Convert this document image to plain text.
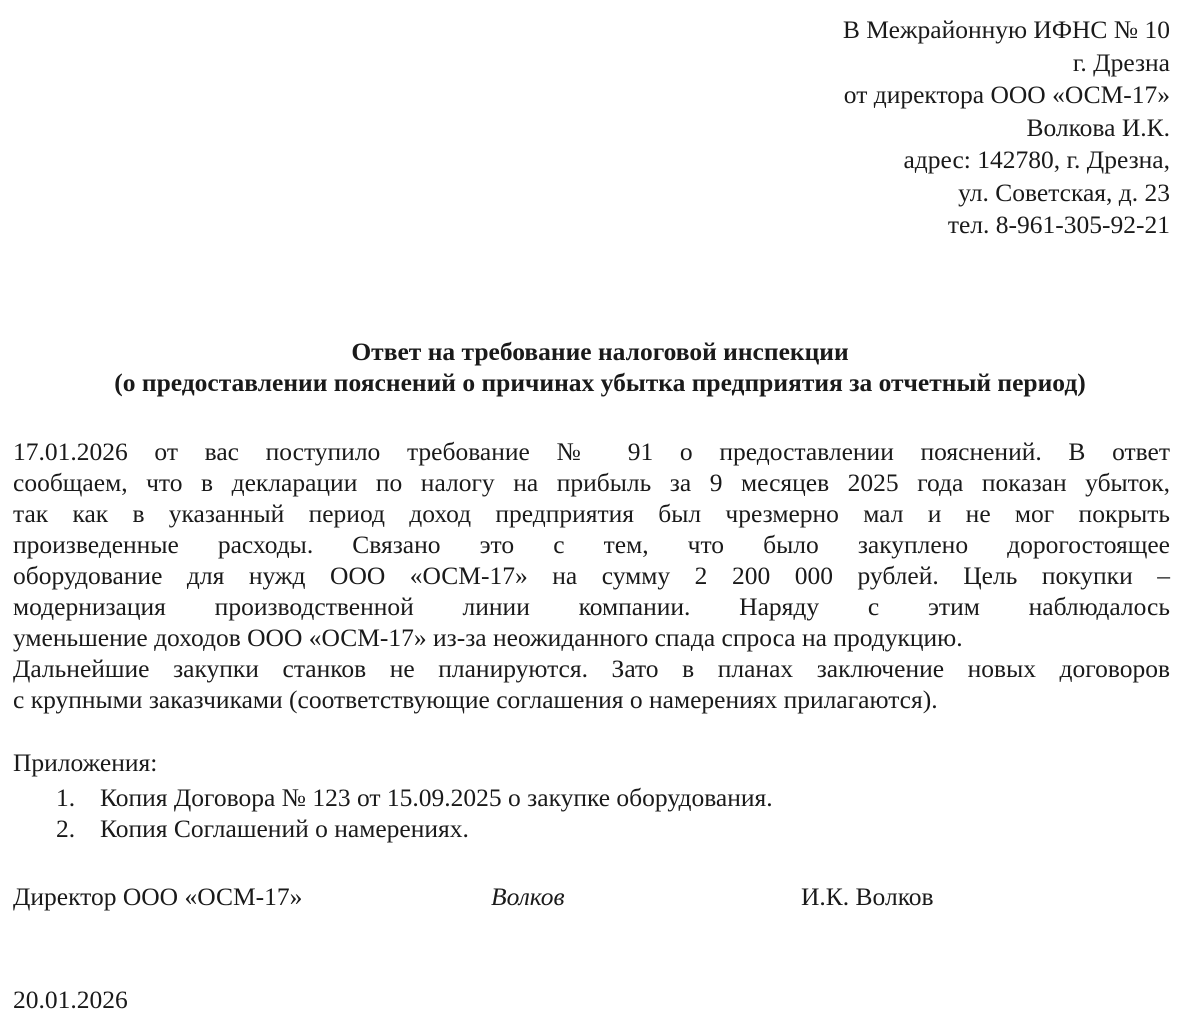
В Межрайонную ИФНС № 10
г. Дрезна
от директора ООО «ОСМ-17»
Волкова И.К.
адрес: 142780, г. Дрезна,
ул. Советская, д. 23
тел. 8-961-305-92-21
Ответ на требование налоговой инспекции
(о предоставлении пояснений о причинах убытка предприятия за отчетный период)
17.01.2026 от вас поступило требование № 91 о предоставлении пояснений. В ответ
сообщаем, что в декларации по налогу на прибыль за 9 месяцев 2025 года показан убыток,
так как в указанный период доход предприятия был чрезмерно мал и не мог покрыть
произведенные расходы. Связано это с тем, что было закуплено дорогостоящее
оборудование для нужд ООО «ОСМ-17» на сумму 2 200 000 рублей. Цель покупки –
модернизация производственной линии компании. Наряду с этим наблюдалось
уменьшение доходов ООО «ОСМ-17» из-за неожиданного спада спроса на продукцию.
Дальнейшие закупки станков не планируются. Зато в планах заключение новых договоров
с крупными заказчиками (соответствующие соглашения о намерениях прилагаются).
Приложения:
1. Копия Договора № 123 от 15.09.2025 о закупке оборудования.
2. Копия Соглашений о намерениях.
Директор ООО «ОСМ-17»	Волков	И.К. Волков
20.01.2026
